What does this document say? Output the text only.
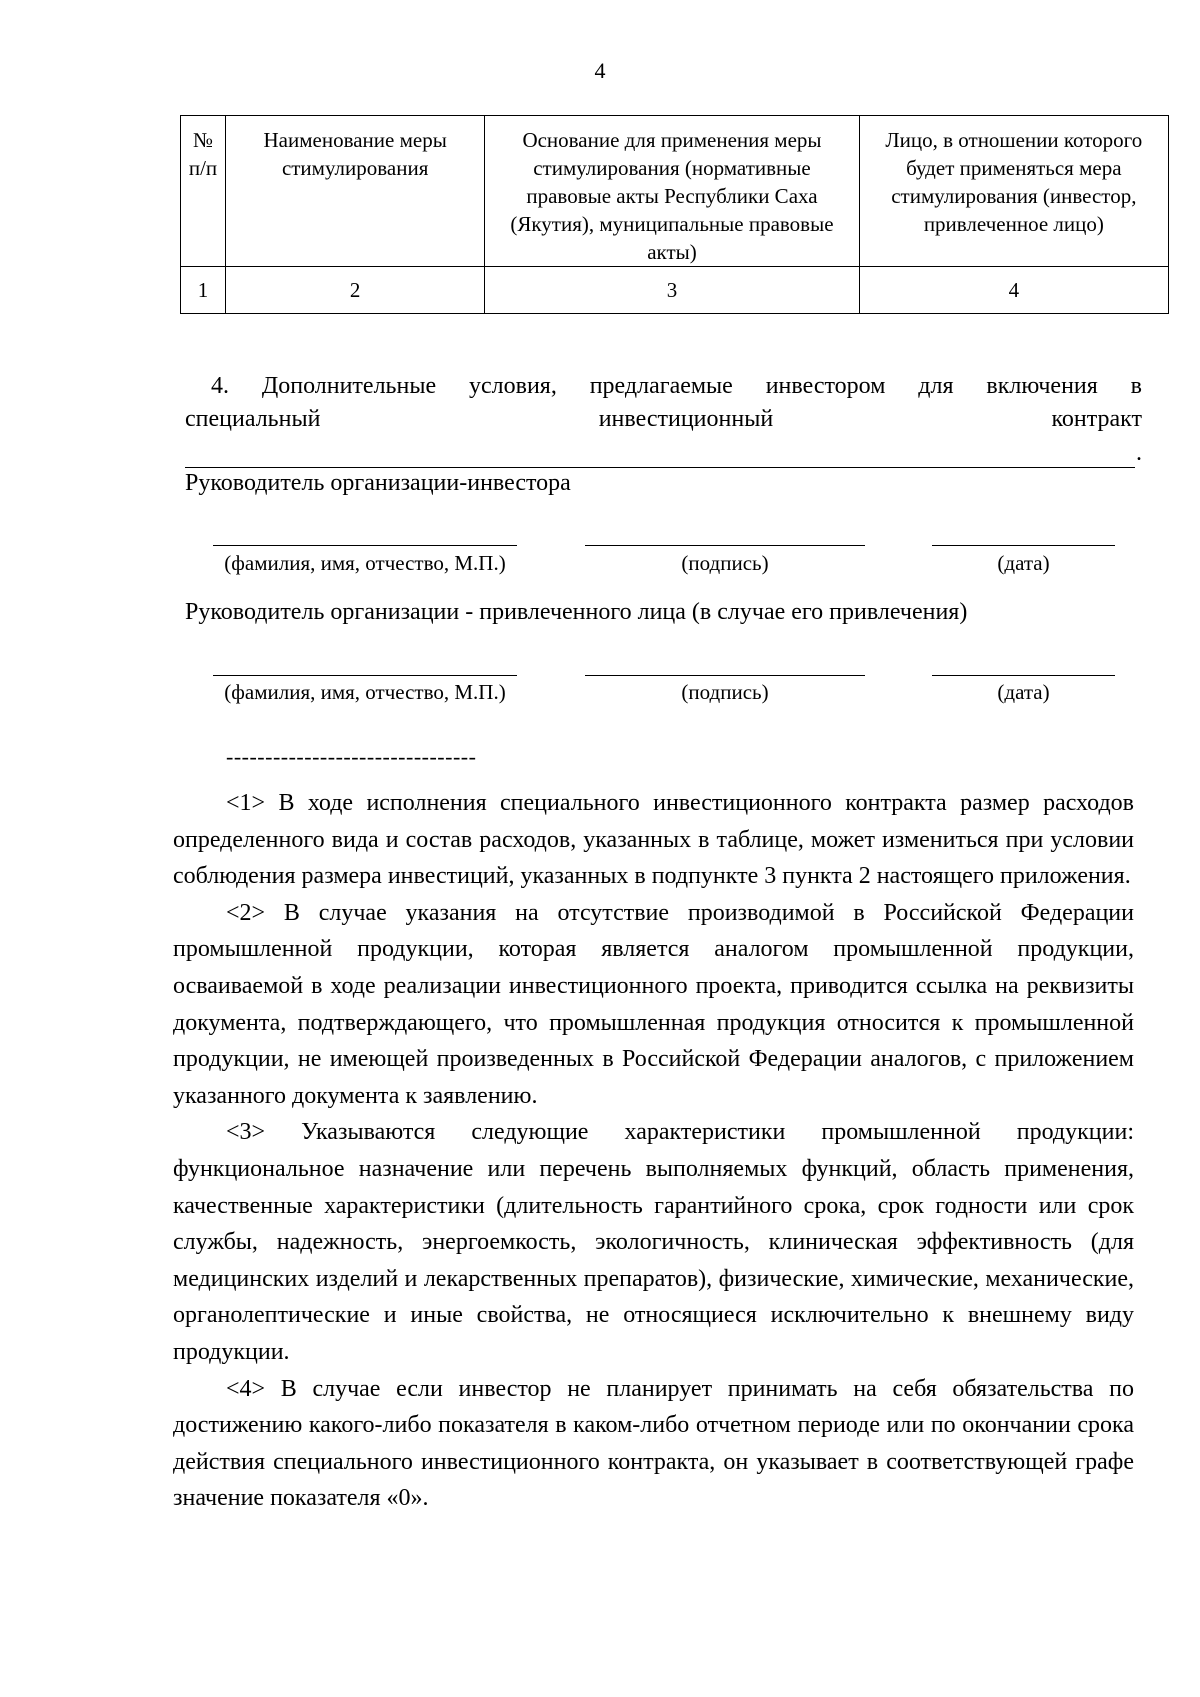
4
№ п/п	Наименование меры стимулирования	Основание для применения меры стимулирования (нормативные правовые акты Республики Саха (Якутия), муниципальные правовые акты)	Лицо, в отношении которого будет применяться мера стимулирования (инвестор, привлеченное лицо)
1	2	3	4
4. Дополнительные условия, предлагаемые инвестором для включения в
специальный	инвестиционный	контракт
.
Руководитель организации-инвестора
(фамилия, имя, отчество, М.П.)	(подпись)	(дата)
Руководитель организации - привлеченного лица (в случае его привлечения)
(фамилия, имя, отчество, М.П.)	(подпись)	(дата)
--------------------------------

<1> В ходе исполнения специального инвестиционного контракта размер расходов определенного вида и состав расходов, указанных в таблице, может измениться при условии соблюдения размера инвестиций, указанных в подпункте 3 пункта 2 настоящего приложения.

<2> В случае указания на отсутствие производимой в Российской Федерации промышленной продукции, которая является аналогом промышленной продукции, осваиваемой в ходе реализации инвестиционного проекта, приводится ссылка на реквизиты документа, подтверждающего, что промышленная продукция относится к промышленной продукции, не имеющей произведенных в Российской Федерации аналогов, с приложением указанного документа к заявлению.

<3> Указываются следующие характеристики промышленной продукции: функциональное назначение или перечень выполняемых функций, область применения, качественные характеристики (длительность гарантийного срока, срок годности или срок службы, надежность, энергоемкость, экологичность, клиническая эффективность (для медицинских изделий и лекарственных препаратов), физические, химические, механические, органолептические и иные свойства, не относящиеся исключительно к внешнему виду продукции.

<4> В случае если инвестор не планирует принимать на себя обязательства по достижению какого-либо показателя в каком-либо отчетном периоде или по окончании срока действия специального инвестиционного контракта, он указывает в соответствующей графе значение показателя «0».
